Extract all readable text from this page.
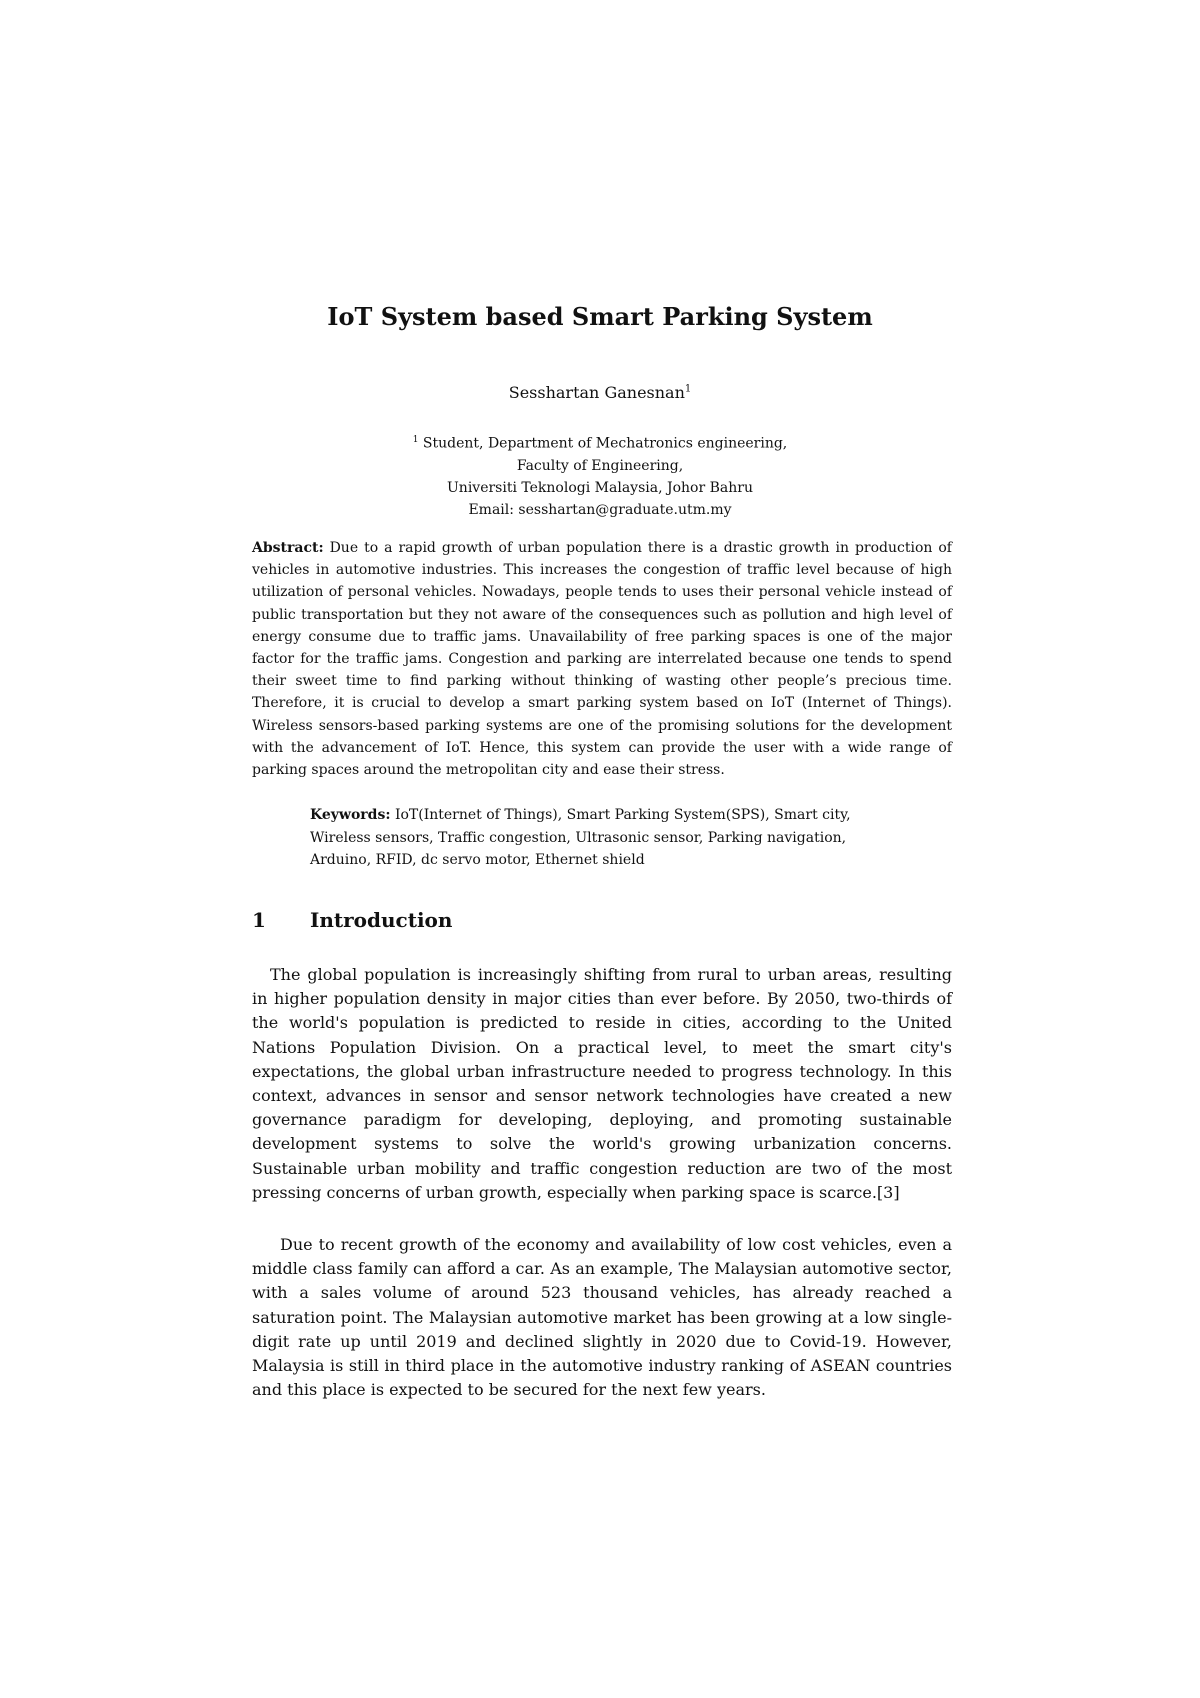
IoT System based Smart Parking System
Sesshartan Ganesnan$^1$
$^1$ Student, Department of Mechatronics engineering,
Faculty of Engineering,
Universiti Teknologi Malaysia, Johor Bahru
Email: sesshartan@graduate.utm.my

Abstract: Due to a rapid growth of urban population there is a drastic growth in production of vehicles in automotive industries. This increases the congestion of traffic level because of high utilization of personal vehicles. Nowadays, people tends to uses their personal vehicle instead of public transportation but they not aware of the consequences such as pollution and high level of energy consume due to traffic jams. Unavailability of free parking spaces is one of the major factor for the traffic jams. Congestion and parking are interrelated because one tends to spend their sweet time to find parking without thinking of wasting other people’s precious time. Therefore, it is crucial to develop a smart parking system based on IoT (Internet of Things). Wireless sensors-based parking systems are one of the promising solutions for the development with the advancement of IoT. Hence, this system can provide the user with a wide range of parking spaces around the metropolitan city and ease their stress.

Keywords: IoT(Internet of Things), Smart Parking System(SPS), Smart city, Wireless sensors, Traffic congestion, Ultrasonic sensor, Parking navigation, Arduino, RFID, dc servo motor, Ethernet shield

1 Introduction

The global population is increasingly shifting from rural to urban areas, resulting in higher population density in major cities than ever before. By 2050, two-thirds of the world's population is predicted to reside in cities, according to the United Nations Population Division. On a practical level, to meet the smart city's expectations, the global urban infrastructure needed to progress technology. In this context, advances in sensor and sensor network technologies have created a new governance paradigm for developing, deploying, and promoting sustainable development systems to solve the world's growing urbanization concerns. Sustainable urban mobility and traffic congestion reduction are two of the most pressing concerns of urban growth, especially when parking space is scarce.[3]

Due to recent growth of the economy and availability of low cost vehicles, even a middle class family can afford a car. As an example, The Malaysian automotive sector, with a sales volume of around 523 thousand vehicles, has already reached a saturation point. The Malaysian automotive market has been growing at a low single-digit rate up until 2019 and declined slightly in 2020 due to Covid-19. However, Malaysia is still in third place in the automotive industry ranking of ASEAN countries and this place is expected to be secured for the next few years.
